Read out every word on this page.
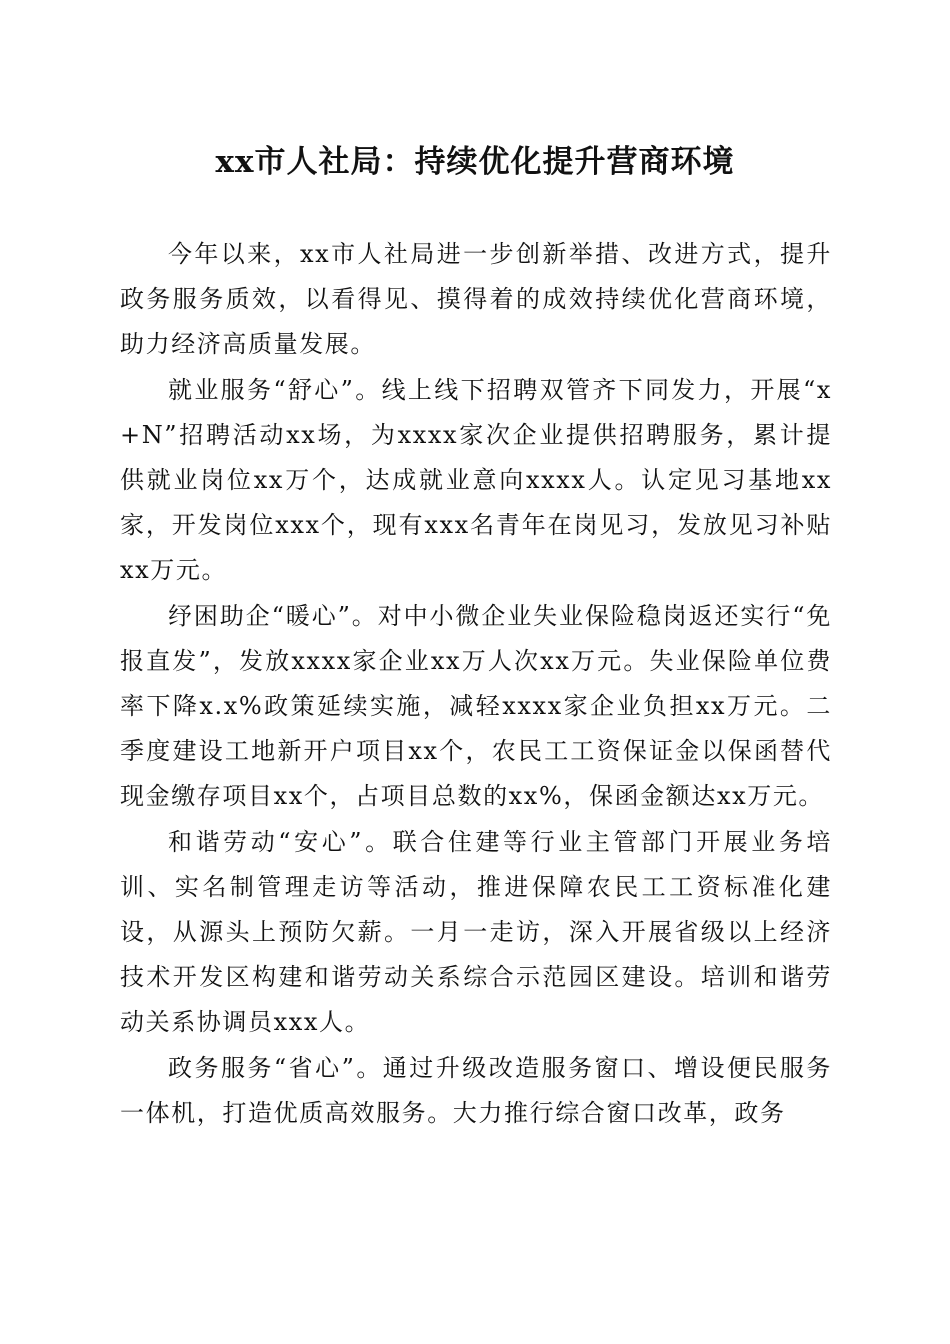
xx市人社局：持续优化提升营商环境

今年以来，xx市人社局进一步创新举措、改进方式，提升政务服务质效，以看得见、摸得着的成效持续优化营商环境，助力经济高质量发展。

就业服务“舒心”。线上线下招聘双管齐下同发力，开展“x+N”招聘活动xx场，为xxxx家次企业提供招聘服务，累计提供就业岗位xx万个，达成就业意向xxxx人。认定见习基地xx家，开发岗位xxx个，现有xxx名青年在岗见习，发放见习补贴xx万元。

纾困助企“暖心”。对中小微企业失业保险稳岗返还实行“免报直发”，发放xxxx家企业xx万人次xx万元。失业保险单位费率下降x.x%政策延续实施，减轻xxxx家企业负担xx万元。二季度建设工地新开户项目xx个，农民工工资保证金以保函替代现金缴存项目xx个，占项目总数的xx%，保函金额达xx万元。

和谐劳动“安心”。联合住建等行业主管部门开展业务培训、实名制管理走访等活动，推进保障农民工工资标准化建设，从源头上预防欠薪。一月一走访，深入开展省级以上经济技术开发区构建和谐劳动关系综合示范园区建设。培训和谐劳动关系协调员xxx人。

政务服务“省心”。通过升级改造服务窗口、增设便民服务一体机，打造优质高效服务。大力推行综合窗口改革，政务
